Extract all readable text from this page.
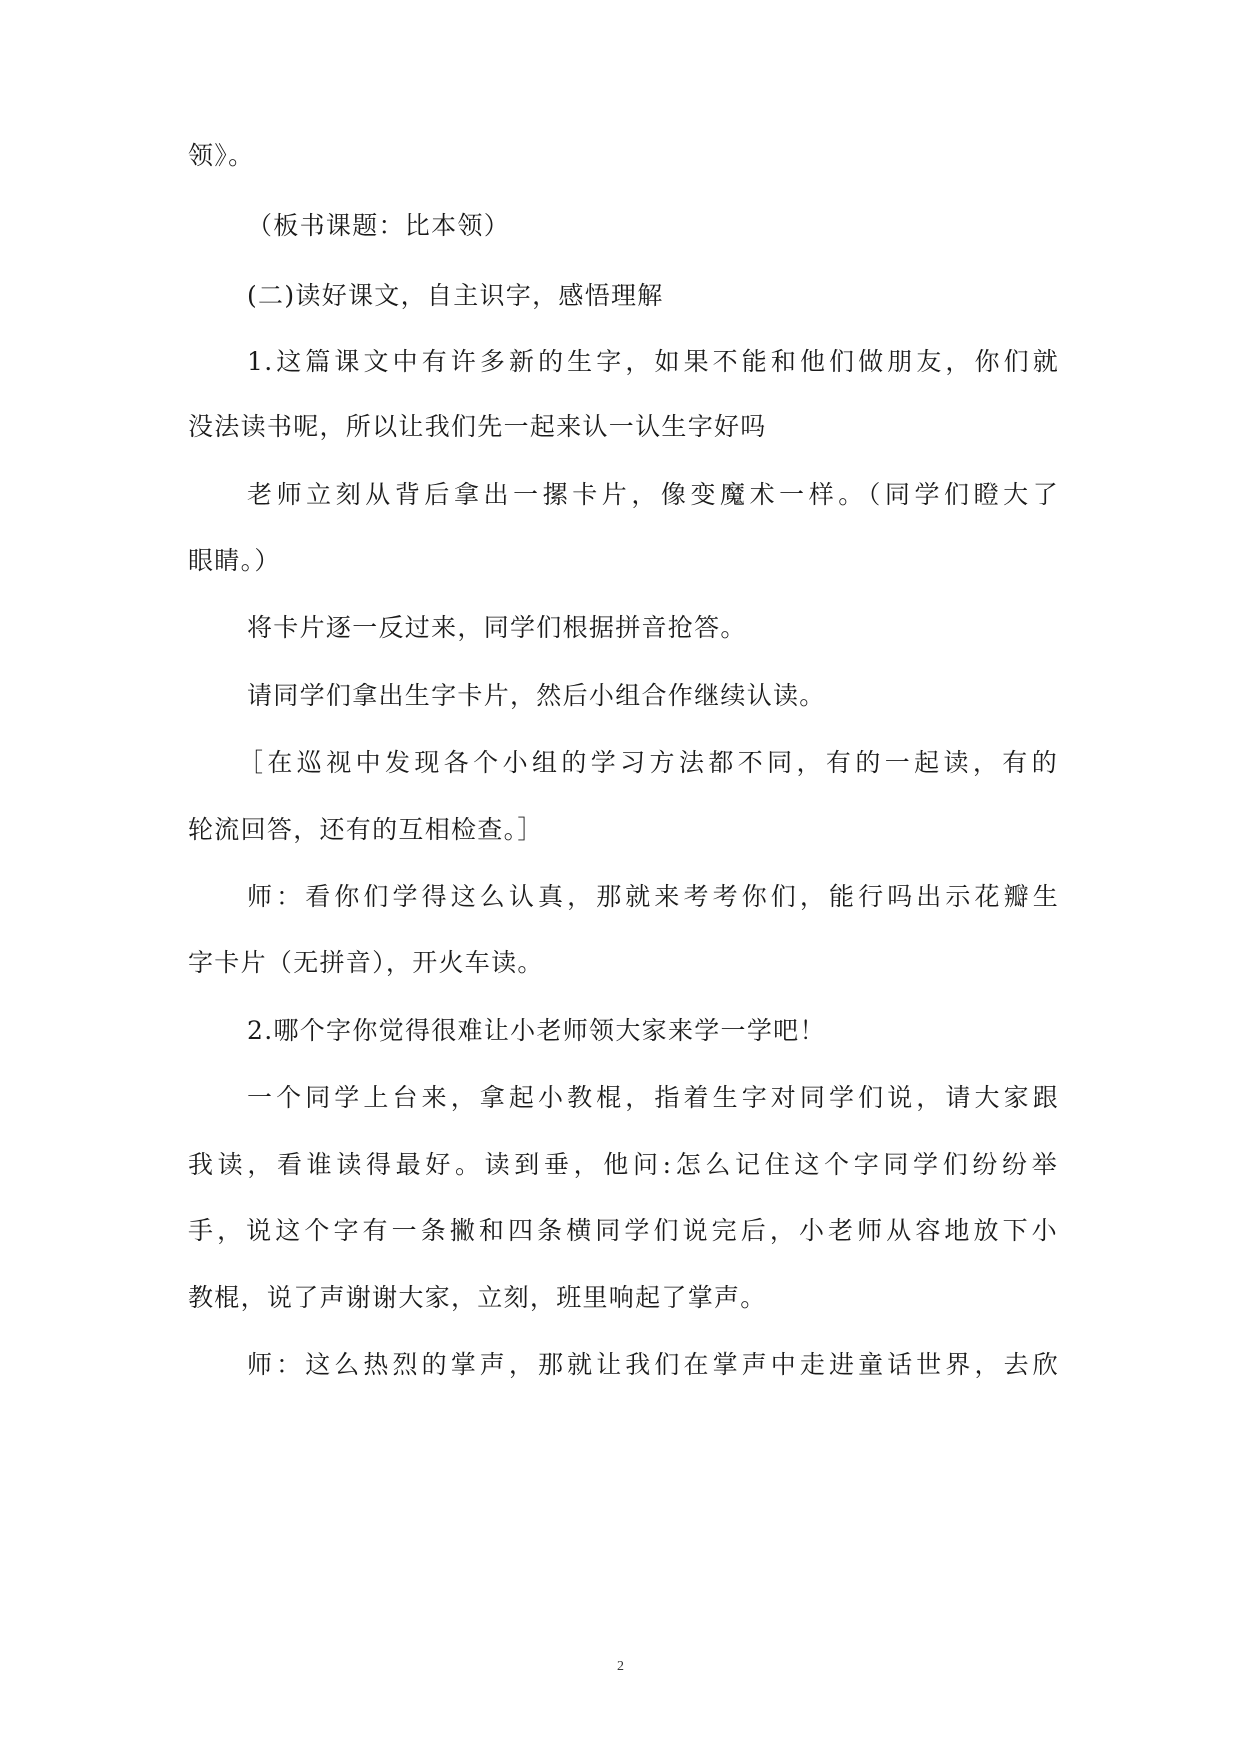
领》。
（板书课题：比本领）
(二)读好课文，自主识字，感悟理解
1.这篇课文中有许多新的生字，如果不能和他们做朋友，你们就
没法读书呢，所以让我们先一起来认一认生字好吗
老师立刻从背后拿出一摞卡片，像变魔术一样。（同学们瞪大了
眼睛。）
将卡片逐一反过来，同学们根据拼音抢答。
请同学们拿出生字卡片，然后小组合作继续认读。
［在巡视中发现各个小组的学习方法都不同，有的一起读，有的
轮流回答，还有的互相检查。］
师：看你们学得这么认真，那就来考考你们，能行吗出示花瓣生
字卡片（无拼音），开火车读。
2.哪个字你觉得很难让小老师领大家来学一学吧！
一个同学上台来，拿起小教棍，指着生字对同学们说，请大家跟
我读，看谁读得最好。读到垂，他问:怎么记住这个字同学们纷纷举
手，说这个字有一条撇和四条横同学们说完后，小老师从容地放下小
教棍，说了声谢谢大家，立刻，班里响起了掌声。
师：这么热烈的掌声，那就让我们在掌声中走进童话世界，去欣
2
